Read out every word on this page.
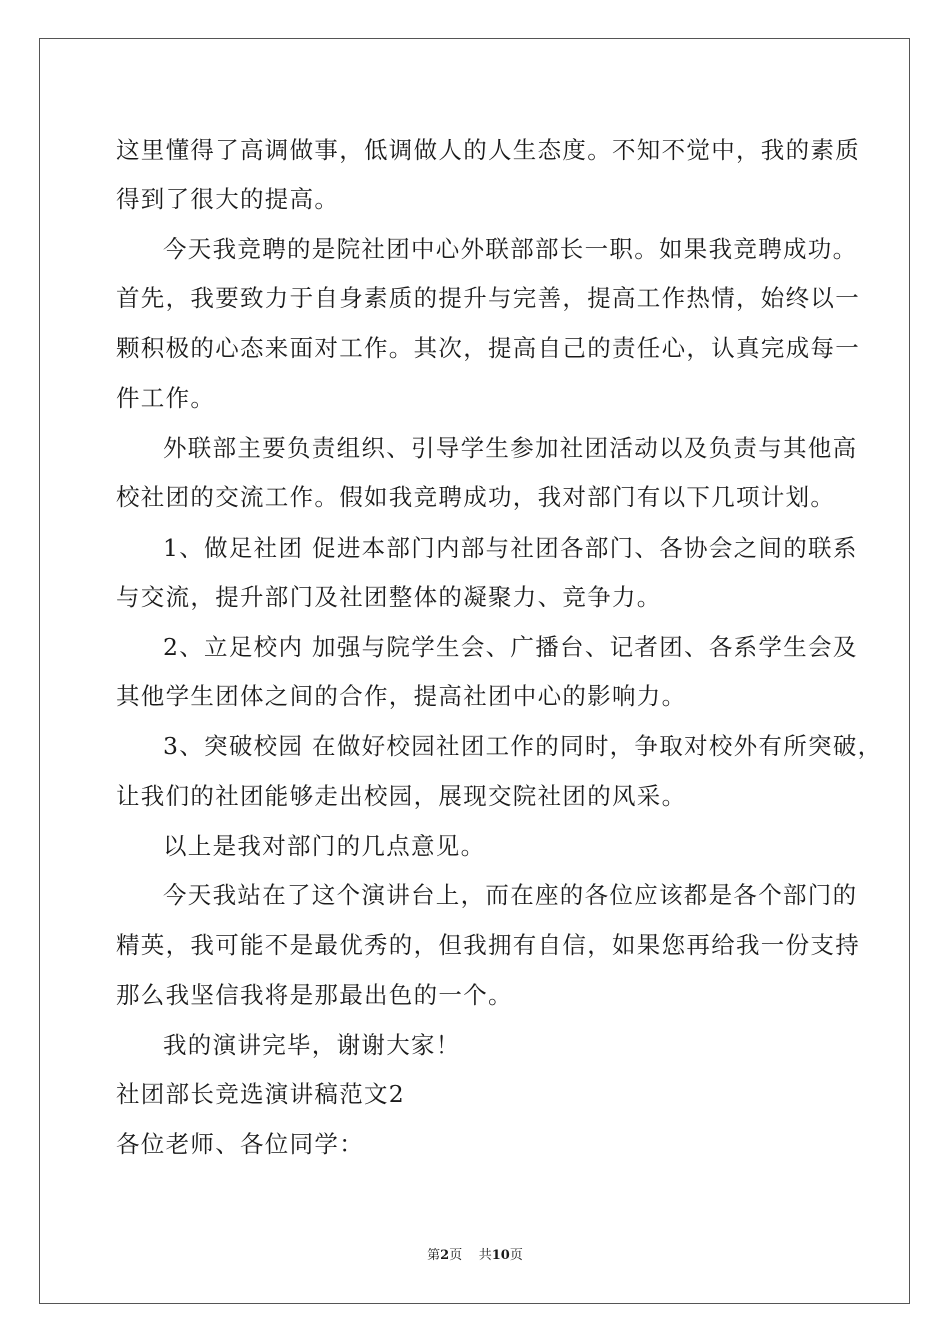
这里懂得了高调做事，低调做人的人生态度。不知不觉中，我的素质
得到了很大的提高。
今天我竞聘的是院社团中心外联部部长一职。如果我竞聘成功。
首先，我要致力于自身素质的提升与完善，提高工作热情，始终以一
颗积极的心态来面对工作。其次，提高自己的责任心，认真完成每一
件工作。
外联部主要负责组织、引导学生参加社团活动以及负责与其他高
校社团的交流工作。假如我竞聘成功，我对部门有以下几项计划。
1、做足社团 促进本部门内部与社团各部门、各协会之间的联系
与交流，提升部门及社团整体的凝聚力、竞争力。
2、立足校内 加强与院学生会、广播台、记者团、各系学生会及
其他学生团体之间的合作，提高社团中心的影响力。
3、突破校园 在做好校园社团工作的同时，争取对校外有所突破，
让我们的社团能够走出校园，展现交院社团的风采。
以上是我对部门的几点意见。
今天我站在了这个演讲台上，而在座的各位应该都是各个部门的
精英，我可能不是最优秀的，但我拥有自信，如果您再给我一份支持
那么我坚信我将是那最出色的一个。
我的演讲完毕，谢谢大家！
社团部长竞选演讲稿范文2
各位老师、各位同学：
第2页 共10页
